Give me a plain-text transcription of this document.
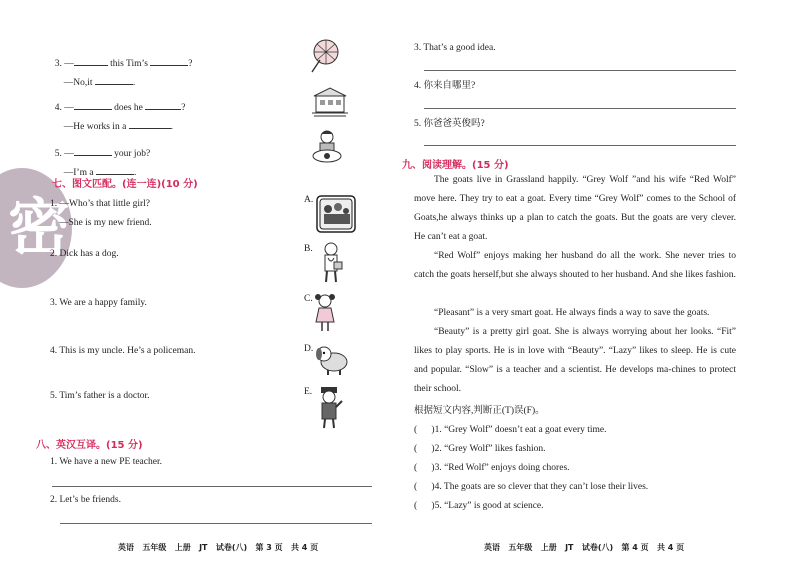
3. —	this Tim’s	?

—No,it	.

4. —	does he	?

—He works in a	.

5. —	your job?

—I’m a	.

密
七、图文匹配。(连一连)(10 分)
1. —Who’s that little girl?
—She is my new friend.
2. Dick has a dog.
3. We are a happy family.
4. This is my uncle. He’s a policeman.
5. Tim’s father is a doctor.
A.
B.
C.
D.
E.
八、英汉互译。(15 分)
1. We have a new PE teacher.
2. Let’s be friends.
英语   五年级   上册   JT   试卷(八)   第 3 页   共 4 页
3. That’s a good idea.
4. 你来自哪里?
5. 你爸爸英俊吗?
九、阅读理解。(15 分)
The goats live in Grassland happily. “Grey Wolf ”and his wife “Red Wolf” move here. They try to eat a goat. Every time “Grey Wolf” comes to the School of Goats,he always thinks up a plan to catch the goats. But the goats are very clever. He can’t eat a goat.
“Red Wolf” enjoys making her husband do all the work. She never tries to catch the goats herself,but she always shouted to her husband. And she likes fashion.
“Pleasant” is a very smart goat. He always finds a way to save the goats.
“Beauty” is a pretty girl goat. She is always worrying about her looks. “Fit” likes to play sports. He is in love with “Beauty”. “Lazy” likes to sleep. He is cute and popular. “Slow” is a teacher and a scientist. He develops ma-chines to protect their school.
根据短文内容,判断正(T)误(F)。
(      )1. “Grey Wolf” doesn’t eat a goat every time.
(      )2. “Grey Wolf” likes fashion.
(      )3. “Red Wolf” enjoys doing chores.
(      )4. The goats are so clever that they can’t lose their lives.
(      )5. “Lazy” is good at science.
英语   五年级   上册   JT   试卷(八)   第 4 页   共 4 页
